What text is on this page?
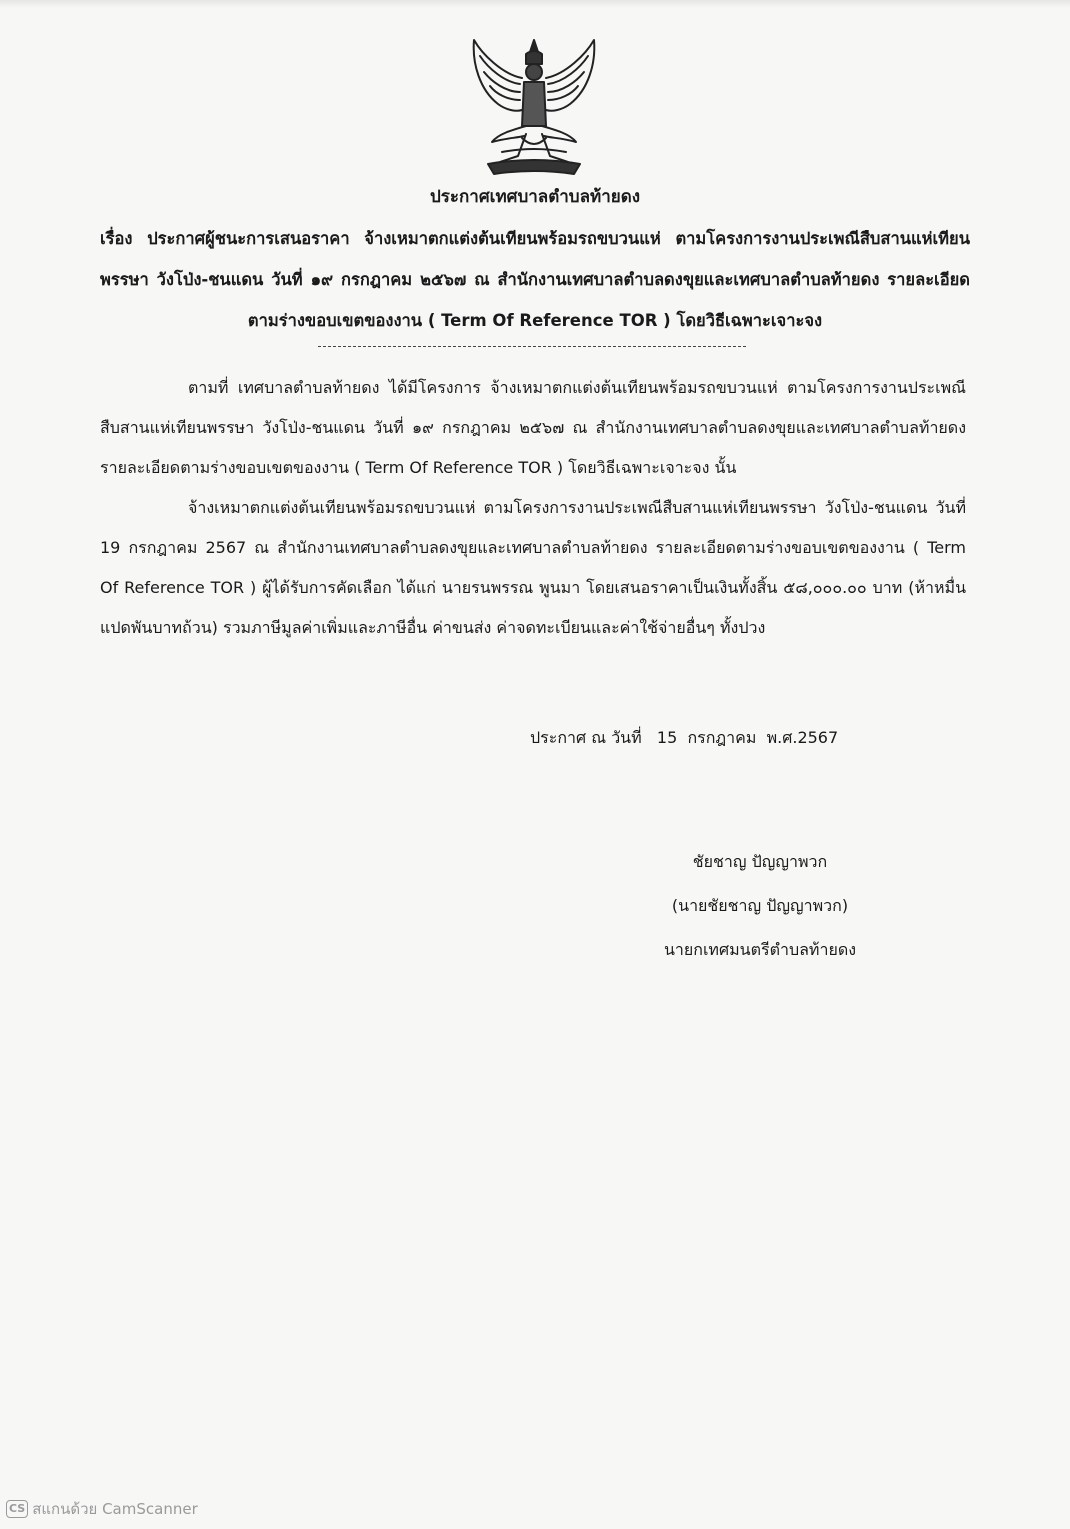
ประกาศเทศบาลตำบลท้ายดง
เรื่อง ประกาศผู้ชนะการเสนอราคา จ้างเหมาตกแต่งต้นเทียนพร้อมรถขบวนแห่ ตามโครงการงานประเพณีสืบสานแห่เทียนพรรษา วังโป่ง-ชนแดน วันที่ ๑๙ กรกฎาคม ๒๕๖๗ ณ สำนักงานเทศบาลตำบลดงขุยและเทศบาลตำบลท้ายดง รายละเอียดตามร่างขอบเขตของงาน ( Term Of Reference TOR ) โดยวิธีเฉพาะเจาะจง

ตามที่ เทศบาลตำบลท้ายดง ได้มีโครงการ จ้างเหมาตกแต่งต้นเทียนพร้อมรถขบวนแห่ ตามโครงการงานประเพณีสืบสานแห่เทียนพรรษา วังโป่ง-ชนแดน วันที่ ๑๙ กรกฎาคม ๒๕๖๗ ณ สำนักงานเทศบาลตำบลดงขุยและเทศบาลตำบลท้ายดง รายละเอียดตามร่างขอบเขตของงาน ( Term Of Reference TOR ) โดยวิธีเฉพาะเจาะจง นั้น

จ้างเหมาตกแต่งต้นเทียนพร้อมรถขบวนแห่ ตามโครงการงานประเพณีสืบสานแห่เทียนพรรษา วังโป่ง-ชนแดน วันที่ 19 กรกฎาคม 2567 ณ สำนักงานเทศบาลตำบลดงขุยและเทศบาลตำบลท้ายดง รายละเอียดตามร่างขอบเขตของงาน ( Term Of Reference TOR ) ผู้ได้รับการคัดเลือก ได้แก่ นายรนพรรณ พูนมา โดยเสนอราคาเป็นเงินทั้งสิ้น ๕๘,๐๐๐.๐๐ บาท (ห้าหมื่นแปดพันบาทถ้วน) รวมภาษีมูลค่าเพิ่มและภาษีอื่น ค่าขนส่ง ค่าจดทะเบียนและค่าใช้จ่ายอื่นๆ ทั้งปวง

ประกาศ ณ วันที่   15  กรกฎาคม  พ.ศ.2567
ชัยชาญ ปัญญาพวก
(นายชัยชาญ ปัญญาพวก)
นายกเทศมนตรีตำบลท้ายดง
CS สแกนด้วย CamScanner
